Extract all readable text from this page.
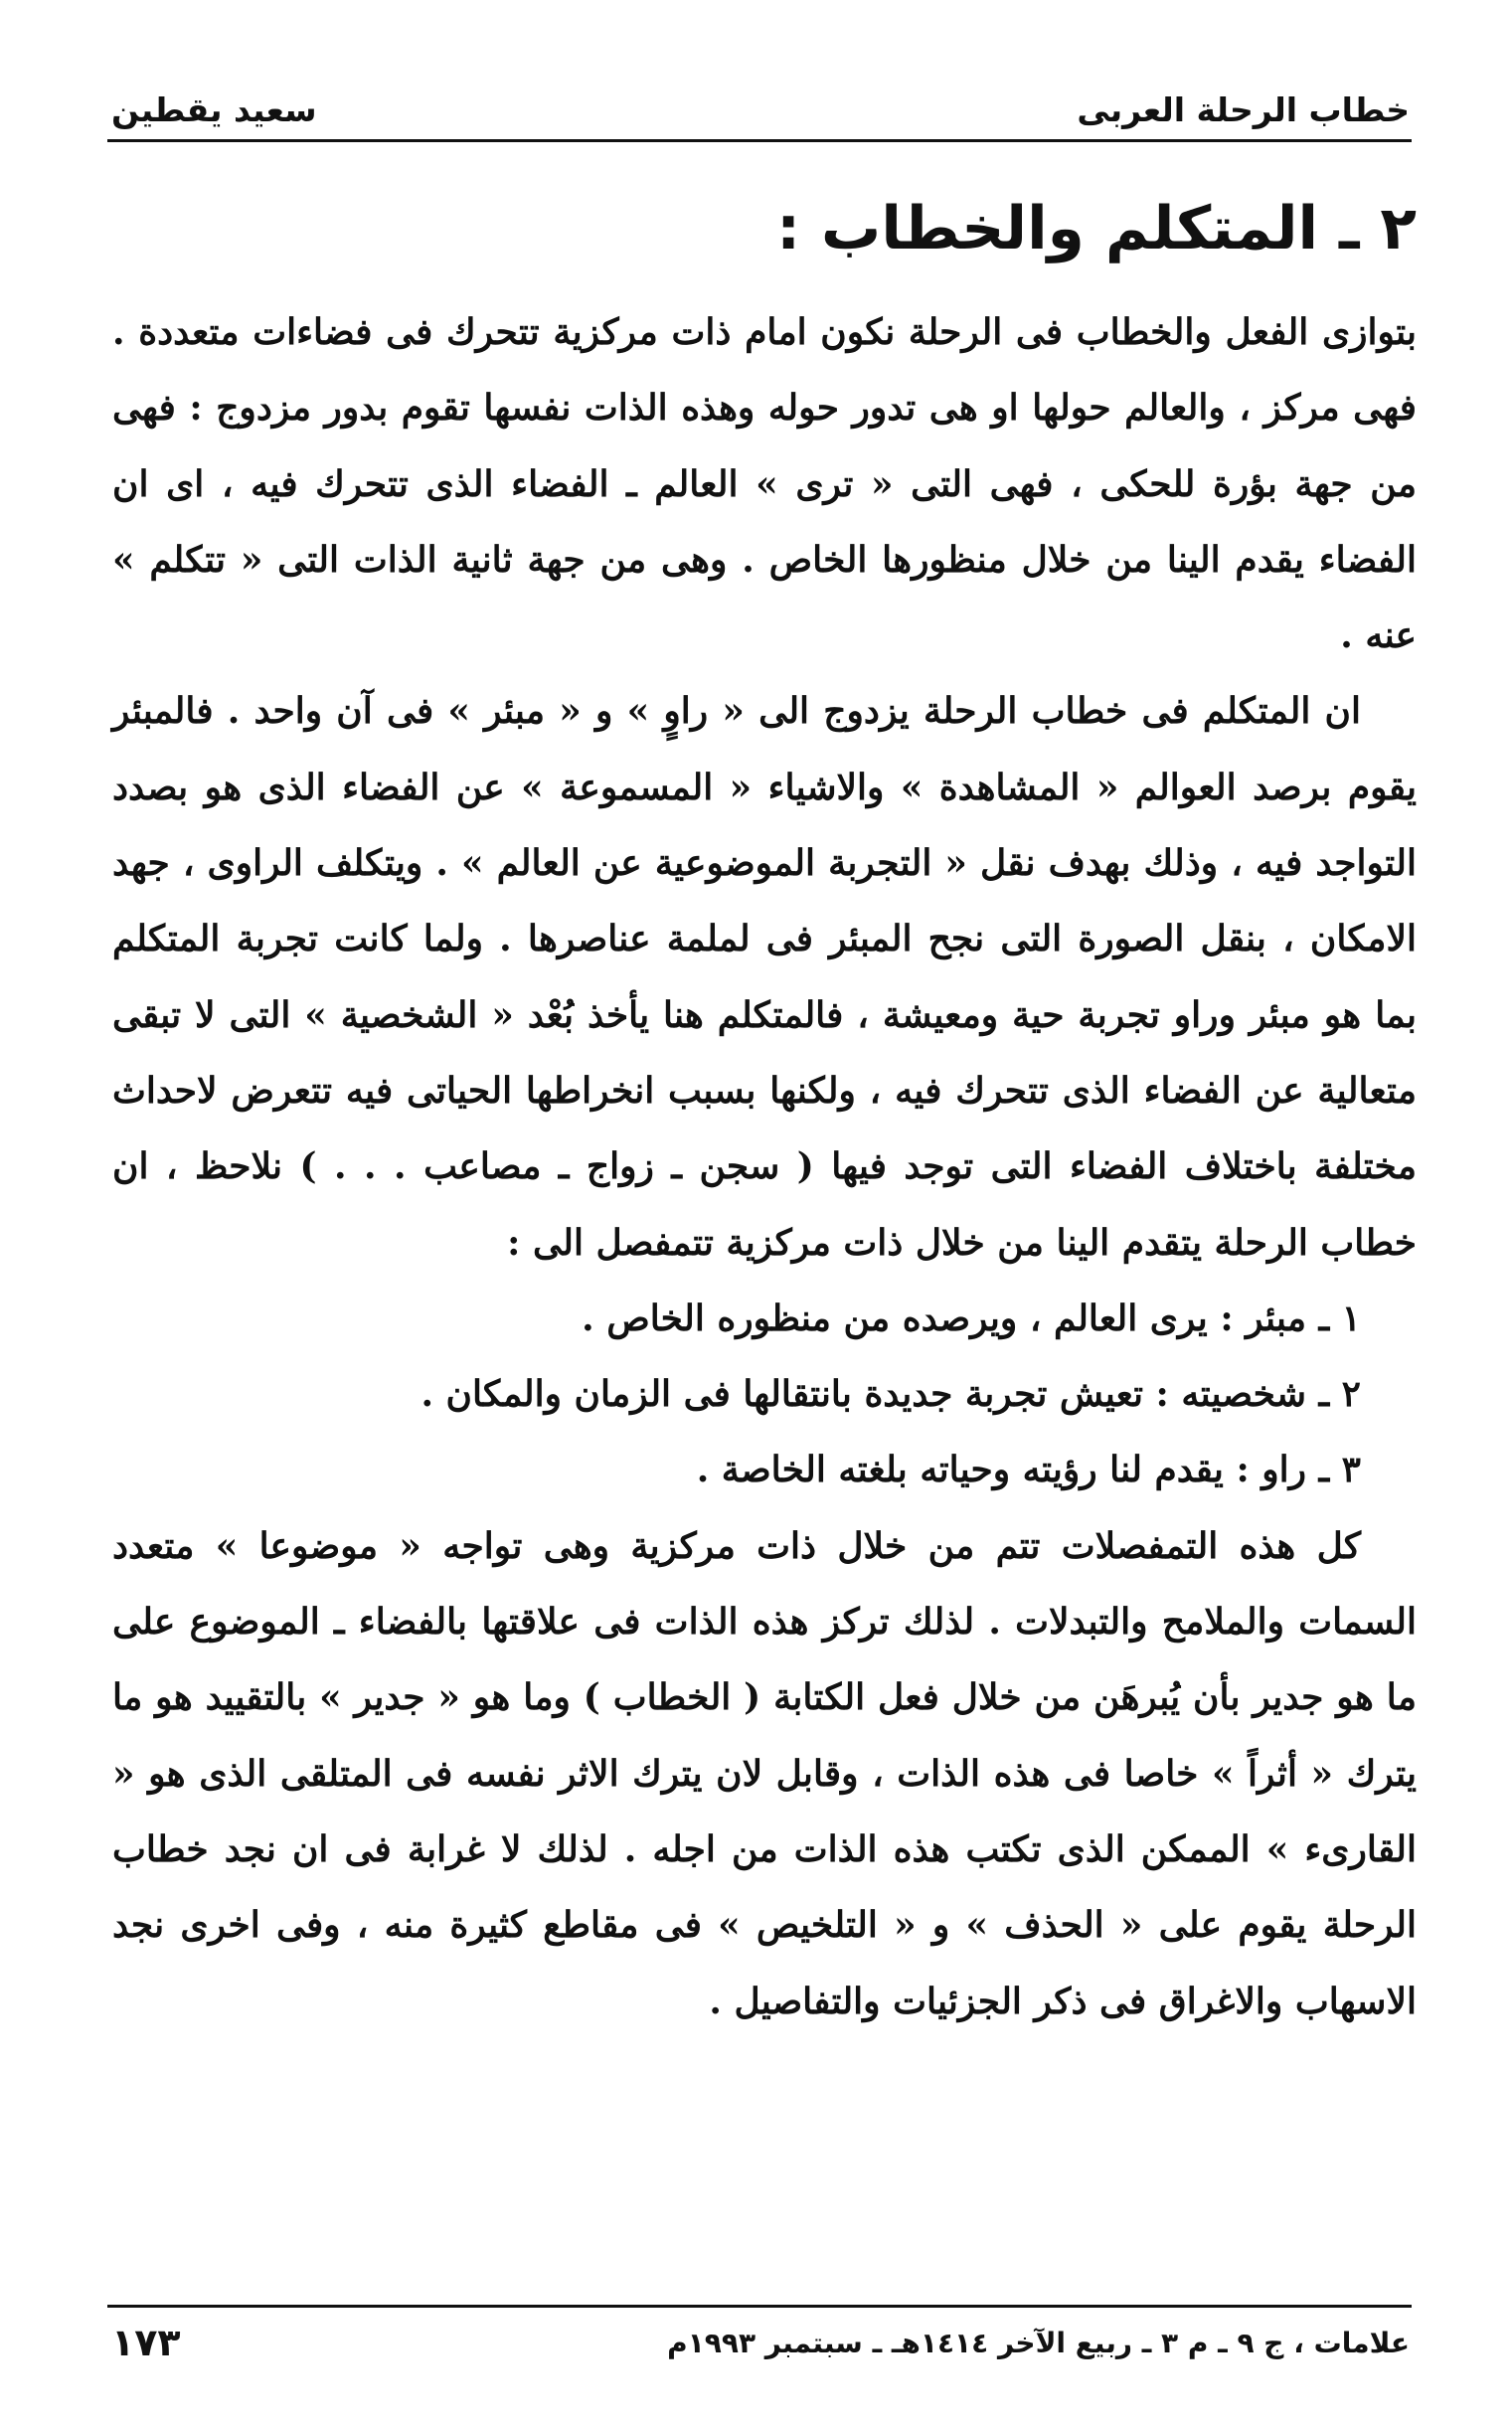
خطاب الرحلة العربى
سعيد يقطين
٢ ـ المتكلم والخطاب :

بتوازى الفعل والخطاب فى الرحلة نكون امام ذات مركزية تتحرك فى فضاءات متعددة . فهى مركز ، والعالم حولها او هى تدور حوله وهذه الذات نفسها تقوم بدور مزدوج : فهى من جهة بؤرة للحكى ، فهى التى « ترى » العالم ـ الفضاء الذى تتحرك فيه ، اى ان الفضاء يقدم الينا من خلال منظورها الخاص . وهى من جهة ثانية الذات التى « تتكلم » عنه .

ان المتكلم فى خطاب الرحلة يزدوج الى « راوٍ » و « مبئر » فى آن واحد . فالمبئر يقوم برصد العوالم « المشاهدة » والاشياء « المسموعة » عن الفضاء الذى هو بصدد التواجد فيه ، وذلك بهدف نقل « التجربة الموضوعية عن العالم » . ويتكلف الراوى ، جهد الامكان ، بنقل الصورة التى نجح المبئر فى لملمة عناصرها . ولما كانت تجربة المتكلم بما هو مبئر وراو تجربة حية ومعيشة ، فالمتكلم هنا يأخذ بُعْد « الشخصية » التى لا تبقى متعالية عن الفضاء الذى تتحرك فيه ، ولكنها بسبب انخراطها الحياتى فيه تتعرض لاحداث مختلفة باختلاف الفضاء التى توجد فيها ( سجن ـ زواج ـ مصاعب . . . ) نلاحظ ، ان خطاب الرحلة يتقدم الينا من خلال ذات مركزية تتمفصل الى :

١ ـ مبئر : يرى العالم ، ويرصده من منظوره الخاص .

٢ ـ شخصيته : تعيش تجربة جديدة بانتقالها فى الزمان والمكان .

٣ ـ راو : يقدم لنا رؤيته وحياته بلغته الخاصة .

كل هذه التمفصلات تتم من خلال ذات مركزية وهى تواجه « موضوعا » متعدد السمات والملامح والتبدلات . لذلك تركز هذه الذات فى علاقتها بالفضاء ـ الموضوع على ما هو جدير بأن يُبرهَن من خلال فعل الكتابة ( الخطاب ) وما هو « جدير » بالتقييد هو ما يترك « أثراً » خاصا فى هذه الذات ، وقابل لان يترك الاثر نفسه فى المتلقى الذى هو « القارىء » الممكن الذى تكتب هذه الذات من اجله . لذلك لا غرابة فى ان نجد خطاب الرحلة يقوم على « الحذف » و « التلخيص » فى مقاطع كثيرة منه ، وفى اخرى نجد الاسهاب والاغراق فى ذكر الجزئيات والتفاصيل .

علامات ، ج ٩ ـ م ٣ ـ ربيع الآخر ١٤١٤هـ ـ سبتمبر ١٩٩٣م
١٧٣
